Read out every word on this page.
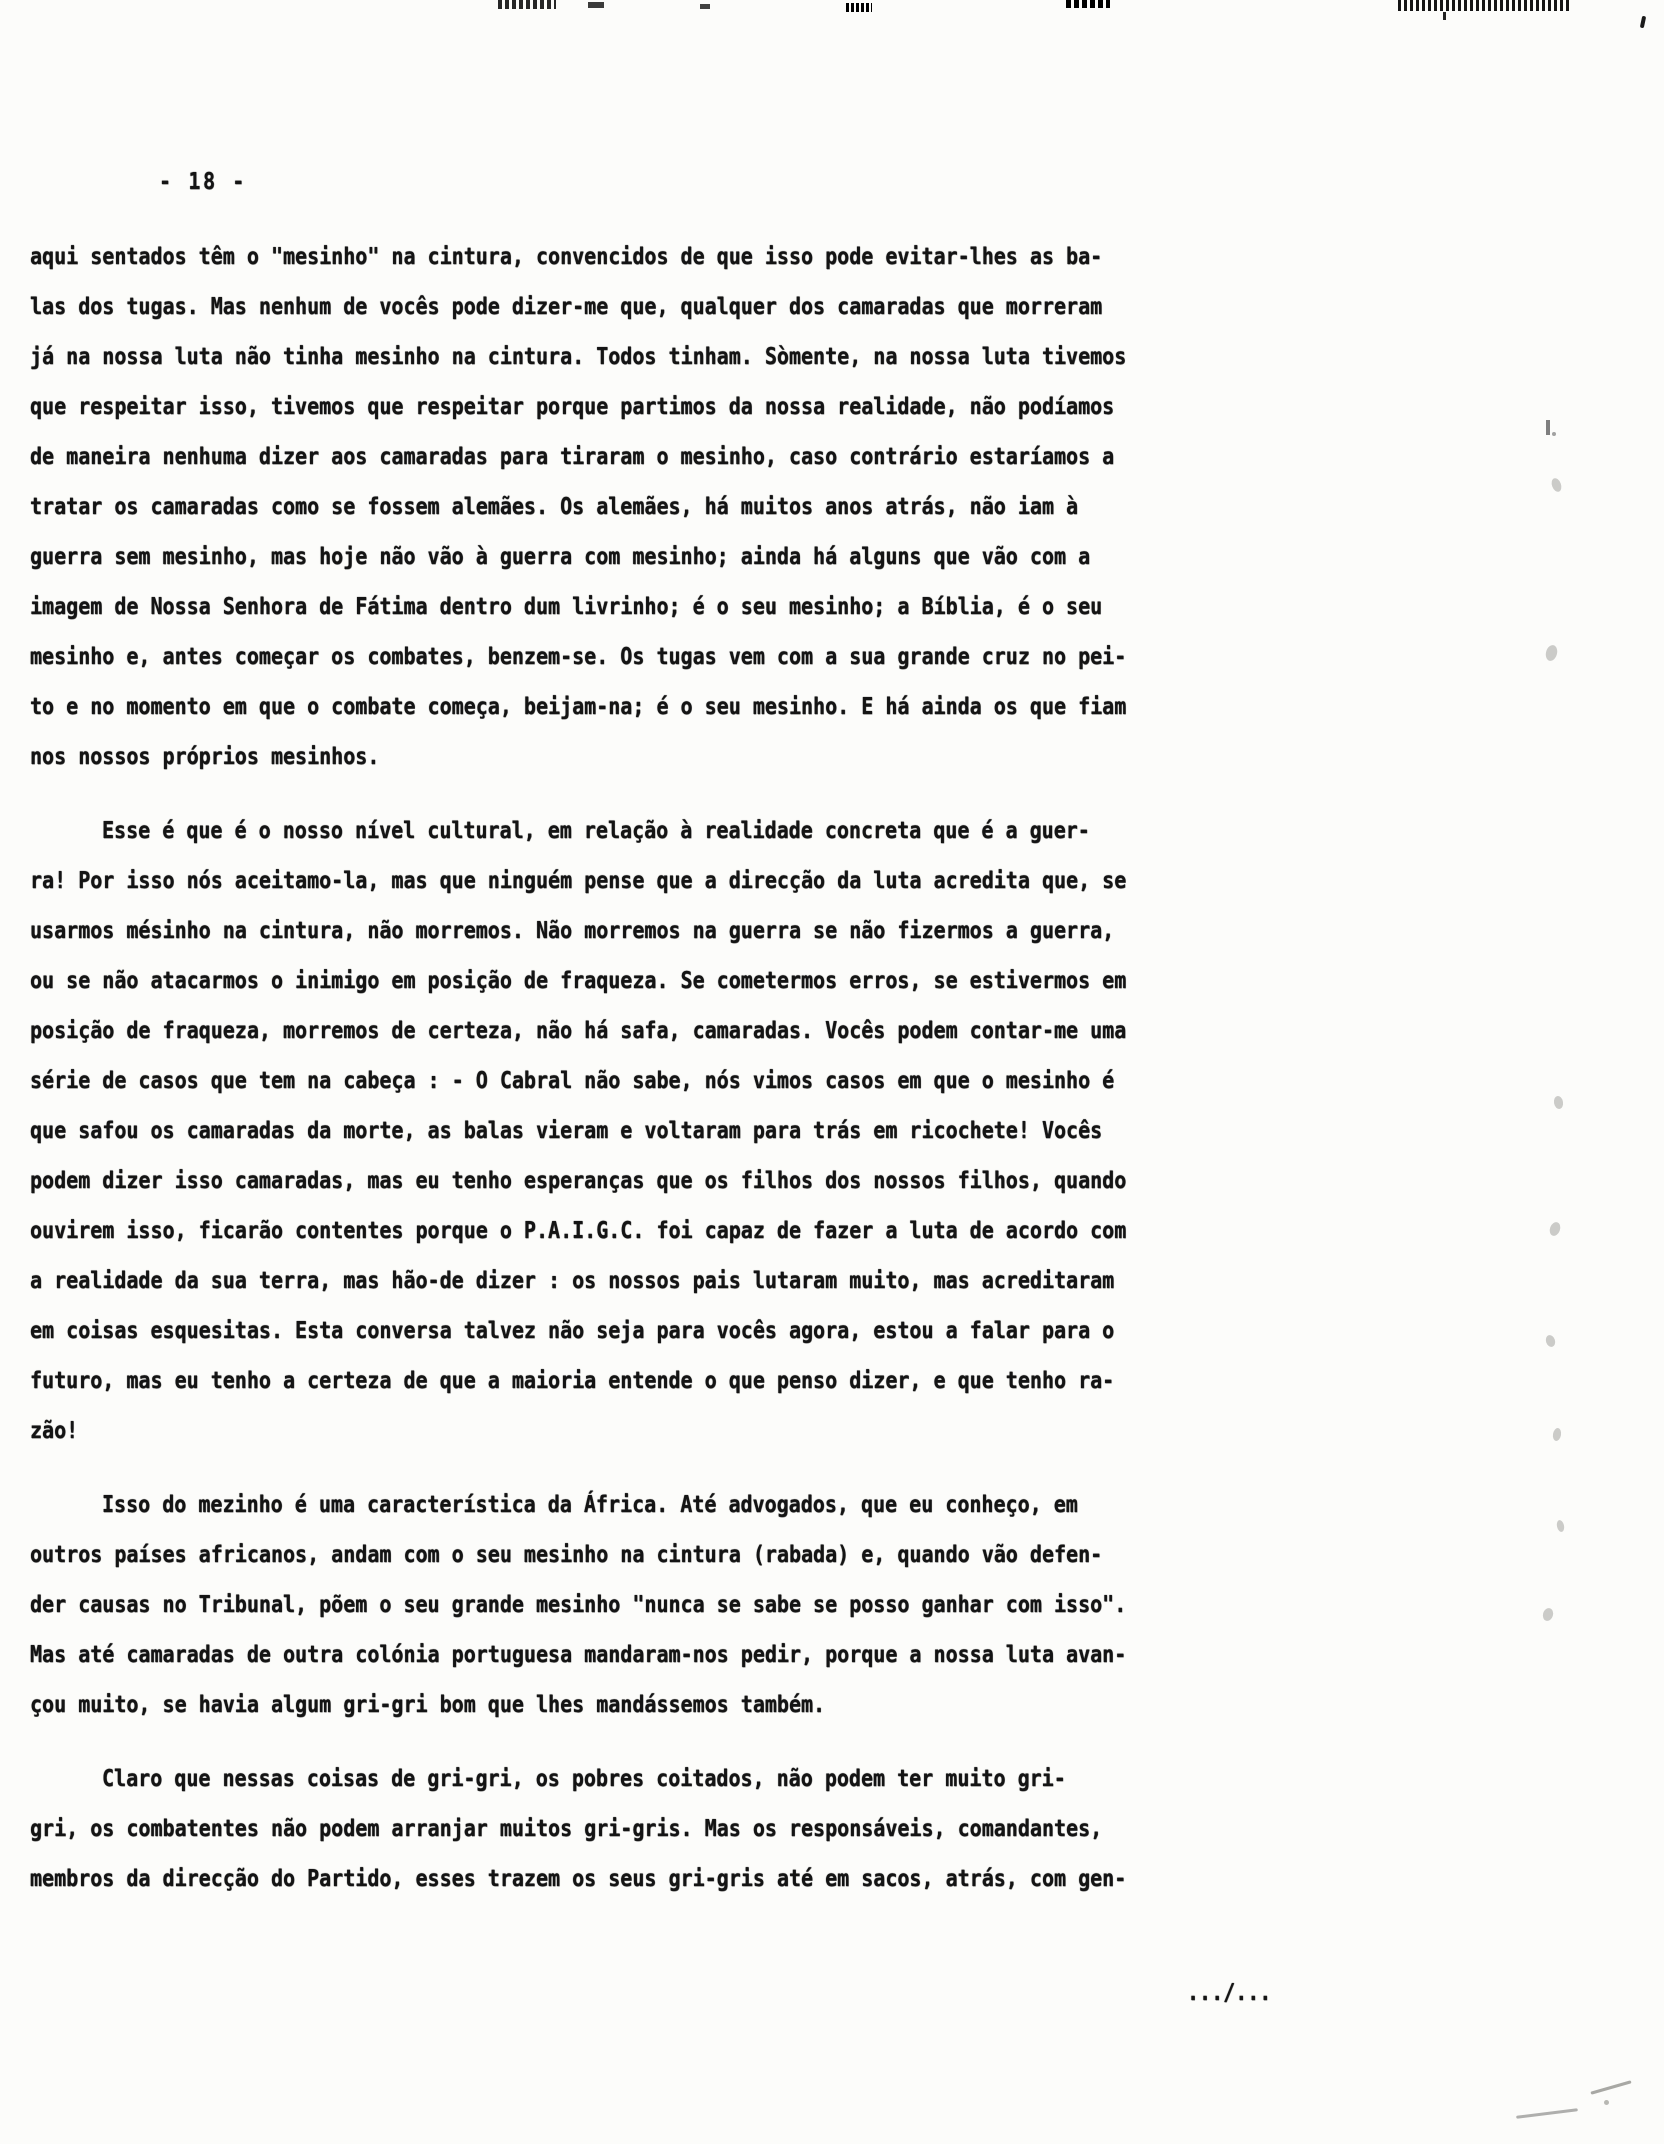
- 18 -

aqui sentados têm o "mesinho" na cintura, convencidos de que isso pode evitar-lhes as ba-
las dos tugas. Mas nenhum de vocês pode dizer-me que, qualquer dos camaradas que morreram
já na nossa luta não tinha mesinho na cintura. Todos tinham. Sòmente, na nossa luta tivemos
que respeitar isso, tivemos que respeitar porque partimos da nossa realidade, não podíamos
de maneira nenhuma dizer aos camaradas para tiraram o mesinho, caso contrário estaríamos a
tratar os camaradas como se fossem alemães. Os alemães, há muitos anos atrás, não iam à
guerra sem mesinho, mas hoje não vão à guerra com mesinho; ainda há alguns que vão com a
imagem de Nossa Senhora de Fátima dentro dum livrinho; é o seu mesinho; a Bíblia, é o seu
mesinho e, antes começar os combates, benzem-se. Os tugas vem com a sua grande cruz no pei-
to e no momento em que o combate começa, beijam-na; é o seu mesinho. E há ainda os que fiam
nos nossos próprios mesinhos.
Esse é que é o nosso nível cultural, em relação à realidade concreta que é a guer-
ra! Por isso nós aceitamo-la, mas que ninguém pense que a direcção da luta acredita que, se
usarmos mésinho na cintura, não morremos. Não morremos na guerra se não fizermos a guerra,
ou se não atacarmos o inimigo em posição de fraqueza. Se cometermos erros, se estivermos em
posição de fraqueza, morremos de certeza, não há safa, camaradas. Vocês podem contar-me uma
série de casos que tem na cabeça : - O Cabral não sabe, nós vimos casos em que o mesinho é
que safou os camaradas da morte, as balas vieram e voltaram para trás em ricochete! Vocês
podem dizer isso camaradas, mas eu tenho esperanças que os filhos dos nossos filhos, quando
ouvirem isso, ficarão contentes porque o P.A.I.G.C. foi capaz de fazer a luta de acordo com
a realidade da sua terra, mas hão-de dizer : os nossos pais lutaram muito, mas acreditaram
em coisas esquesitas. Esta conversa talvez não seja para vocês agora, estou a falar para o
futuro, mas eu tenho a certeza de que a maioria entende o que penso dizer, e que tenho ra-
zão!
Isso do mezinho é uma característica da África. Até advogados, que eu conheço, em
outros países africanos, andam com o seu mesinho na cintura (rabada) e, quando vão defen-
der causas no Tribunal, põem o seu grande mesinho "nunca se sabe se posso ganhar com isso".
Mas até camaradas de outra colónia portuguesa mandaram-nos pedir, porque a nossa luta avan-
çou muito, se havia algum gri-gri bom que lhes mandássemos também.
Claro que nessas coisas de gri-gri, os pobres coitados, não podem ter muito gri-
gri, os combatentes não podem arranjar muitos gri-gris. Mas os responsáveis, comandantes,
membros da direcção do Partido, esses trazem os seus gri-gris até em sacos, atrás, com gen-

.../...
